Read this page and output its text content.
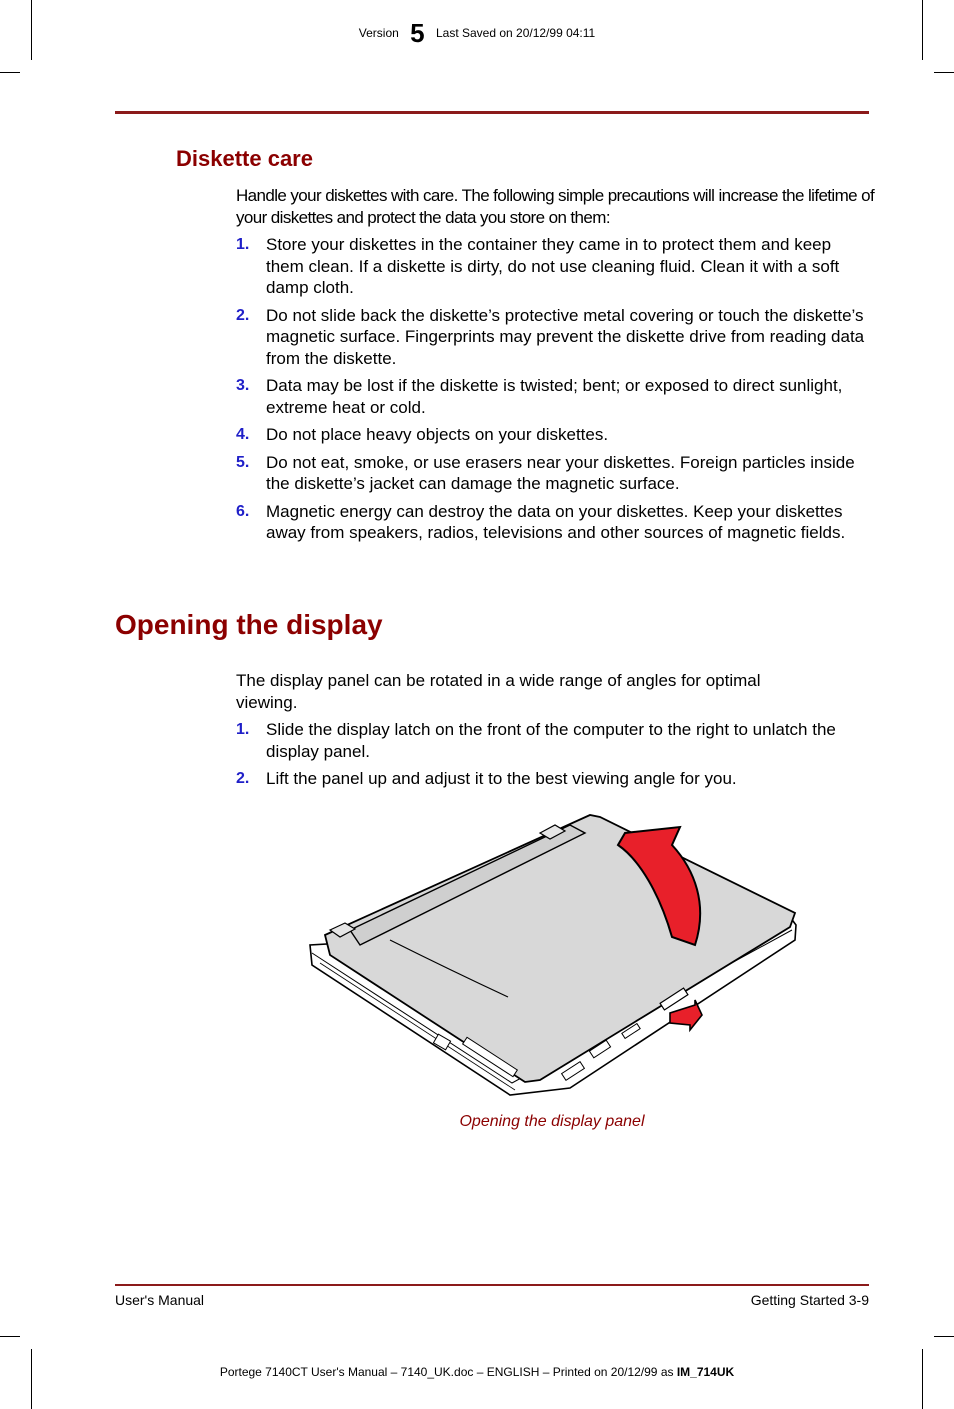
Version 5 Last Saved on 20/12/99 04:11
Diskette care

Handle your diskettes with care. The following simple precautions will increase the lifetime of your diskettes and protect the data you store on them:

1. Store your diskettes in the container they came in to protect them and keep them clean. If a diskette is dirty, do not use cleaning fluid. Clean it with a soft damp cloth.
2. Do not slide back the diskette’s protective metal covering or touch the diskette’s magnetic surface. Fingerprints may prevent the diskette drive from reading data from the diskette.
3. Data may be lost if the diskette is twisted; bent; or exposed to direct sunlight, extreme heat or cold.
4. Do not place heavy objects on your diskettes.
5. Do not eat, smoke, or use erasers near your diskettes. Foreign particles inside the diskette’s jacket can damage the magnetic surface.
6. Magnetic energy can destroy the data on your diskettes. Keep your diskettes away from speakers, radios, televisions and other sources of magnetic fields.
Opening the display

The display panel can be rotated in a wide range of angles for optimal viewing.

1. Slide the display latch on the front of the computer to the right to unlatch the display panel.
2. Lift the panel up and adjust it to the best viewing angle for you.
Opening the display panel
User's Manual	Getting Started 3-9
Portege 7140CT User's Manual – 7140_UK.doc – ENGLISH – Printed on 20/12/99 as IM_714UK
